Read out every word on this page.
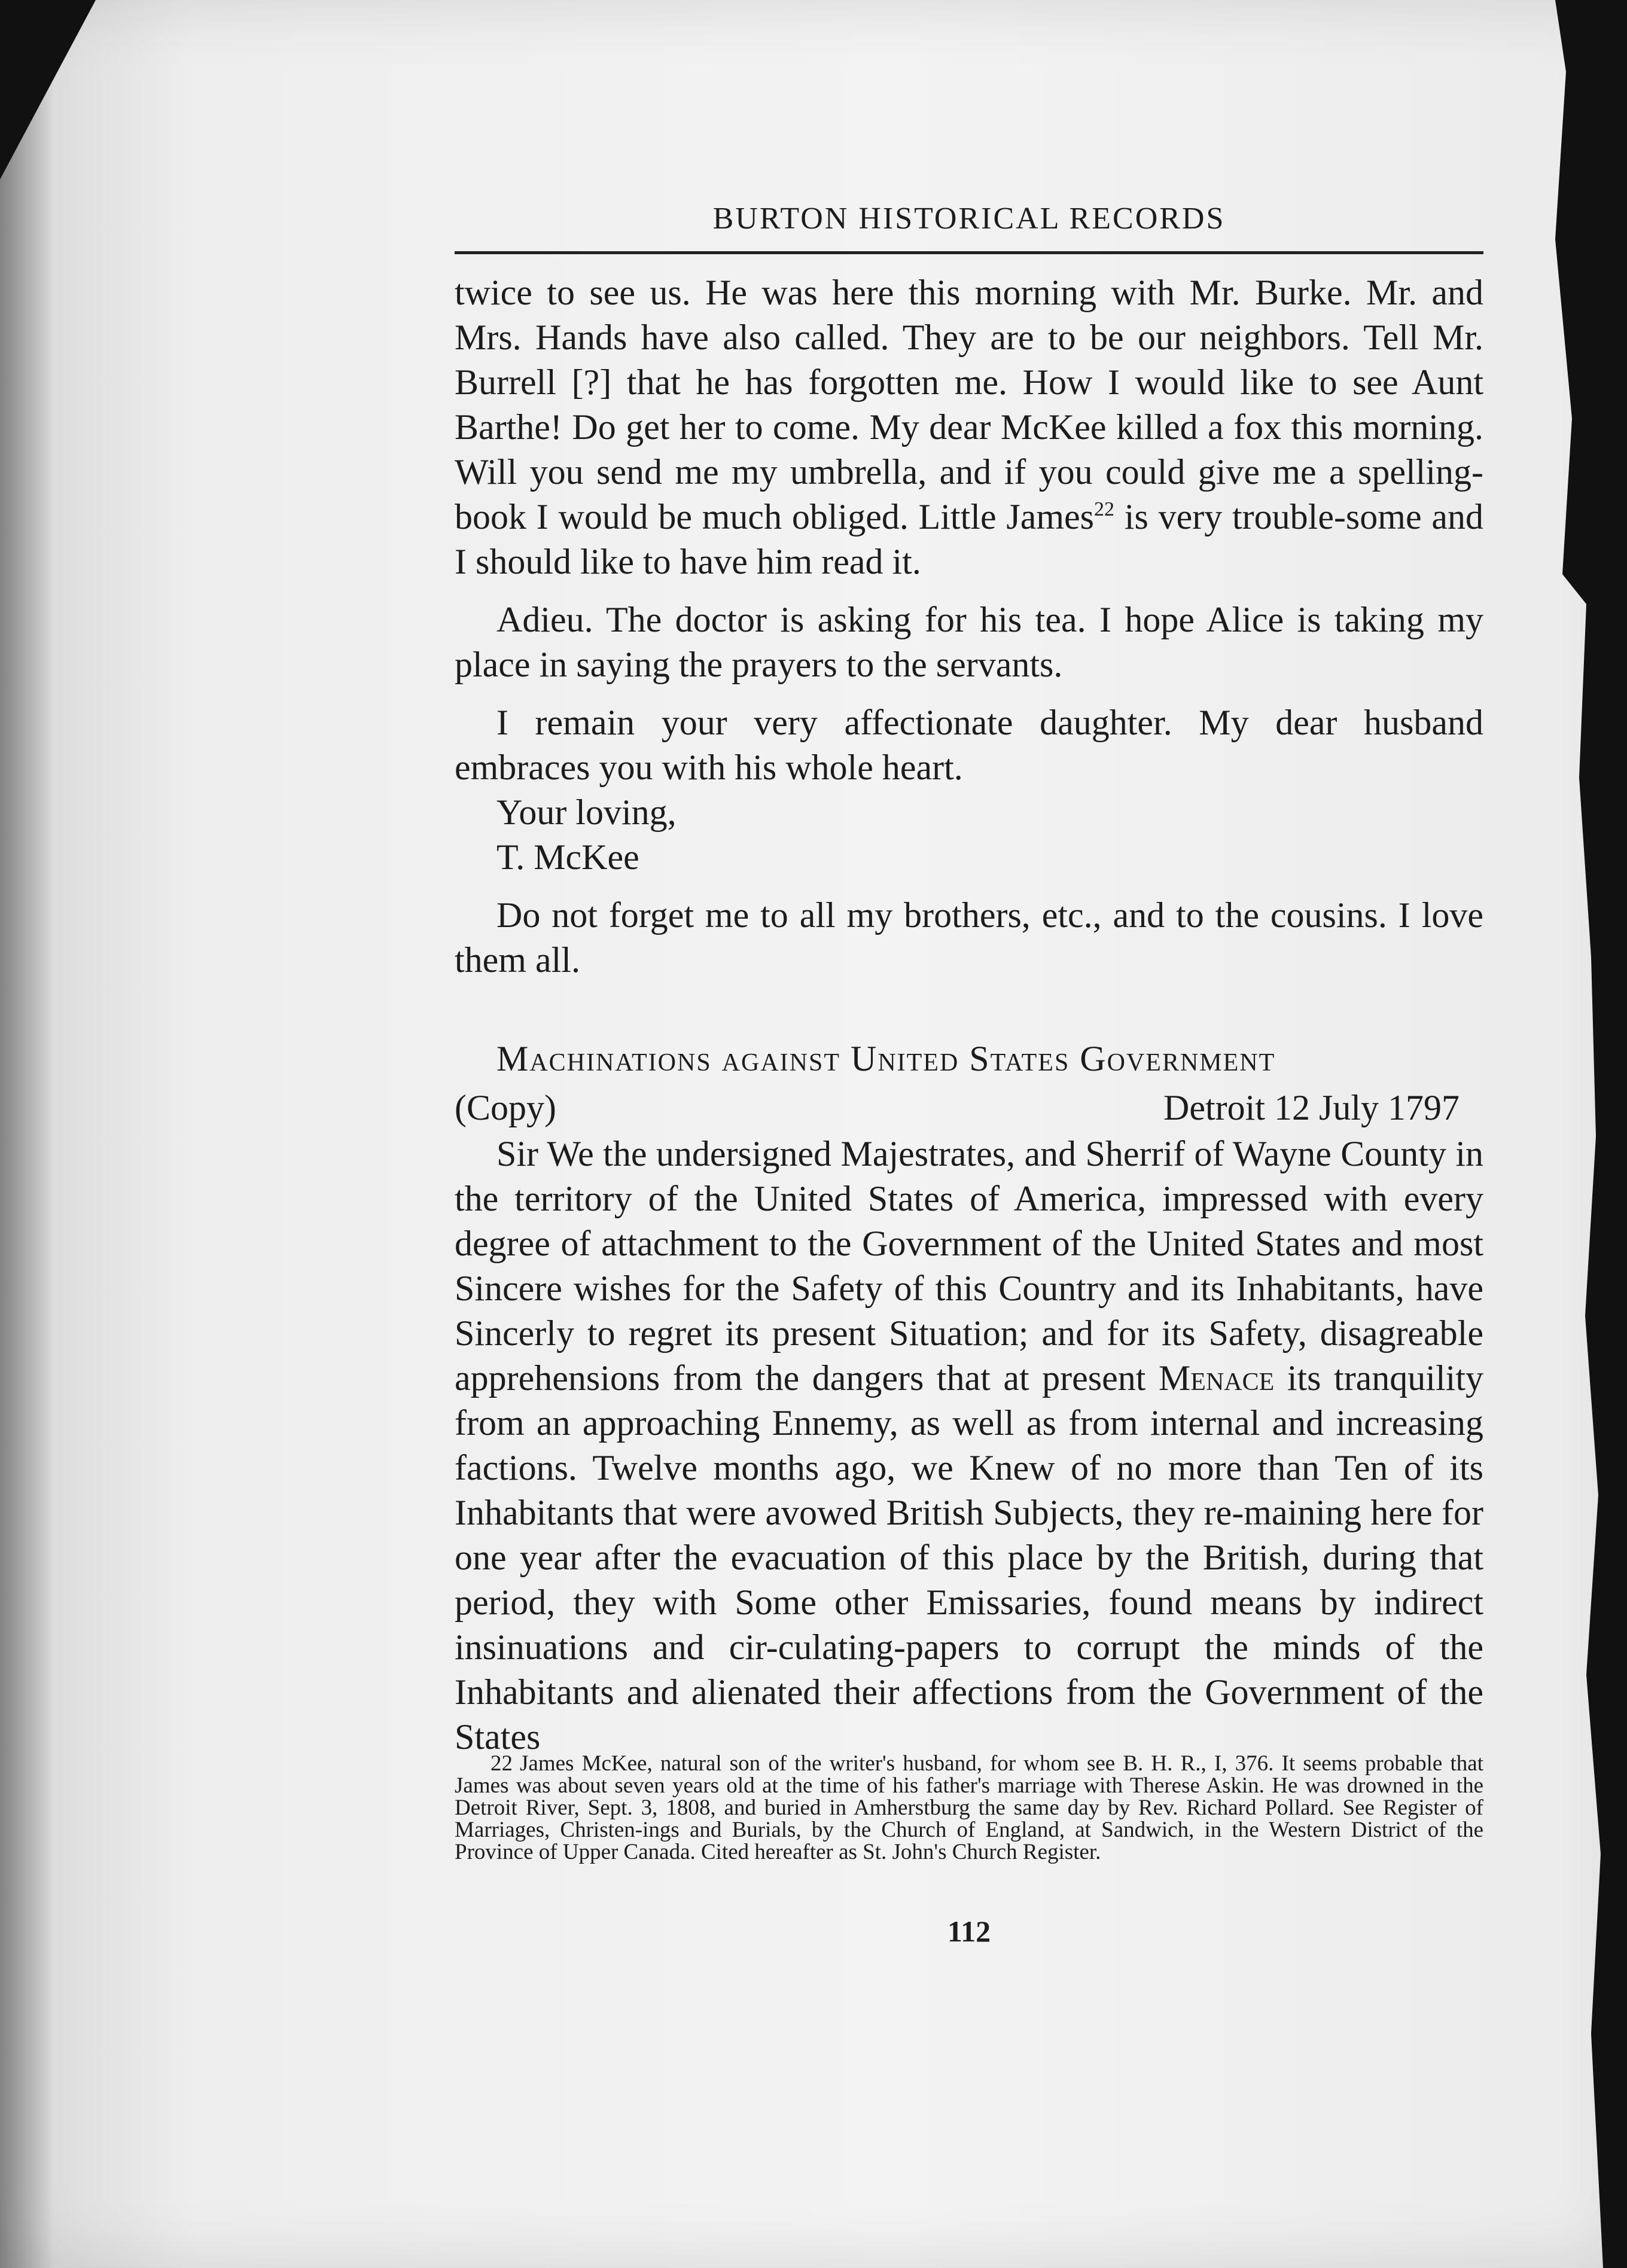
BURTON HISTORICAL RECORDS

twice to see us. He was here this morning with Mr. Burke. Mr. and Mrs. Hands have also called. They are to be our neighbors. Tell Mr. Burrell [?] that he has forgotten me. How I would like to see Aunt Barthe! Do get her to come. My dear McKee killed a fox this morning. Will you send me my umbrella, and if you could give me a spelling-book I would be much obliged. Little James$^{22}$ is very trouble-some and I should like to have him read it.

Adieu. The doctor is asking for his tea. I hope Alice is taking my place in saying the prayers to the servants.

I remain your very affectionate daughter. My dear husband embraces you with his whole heart.

Your loving,

T. McKee

Do not forget me to all my brothers, etc., and to the cousins. I love them all.

Machinations against United States Government

(Copy)	Detroit 12 July 1797

Sir We the undersigned Majestrates, and Sherrif of Wayne County in the territory of the United States of America, impressed with every degree of attachment to the Government of the United States and most Sincere wishes for the Safety of this Country and its Inhabitants, have Sincerly to regret its present Situation; and for its Safety, disagreable apprehensions from the dangers that at present Menace its tranquility from an approaching Ennemy, as well as from internal and increasing factions. Twelve months ago, we Knew of no more than Ten of its Inhabitants that were avowed British Subjects, they re-maining here for one year after the evacuation of this place by the British, during that period, they with Some other Emissaries, found means by indirect insinuations and cir-culating-papers to corrupt the minds of the Inhabitants and alienated their affections from the Government of the States

22 James McKee, natural son of the writer's husband, for whom see B. H. R., I, 376. It seems probable that James was about seven years old at the time of his father's marriage with Therese Askin. He was drowned in the Detroit River, Sept. 3, 1808, and buried in Amherstburg the same day by Rev. Richard Pollard. See Register of Marriages, Christen-ings and Burials, by the Church of England, at Sandwich, in the Western District of the Province of Upper Canada. Cited hereafter as St. John's Church Register.
112
